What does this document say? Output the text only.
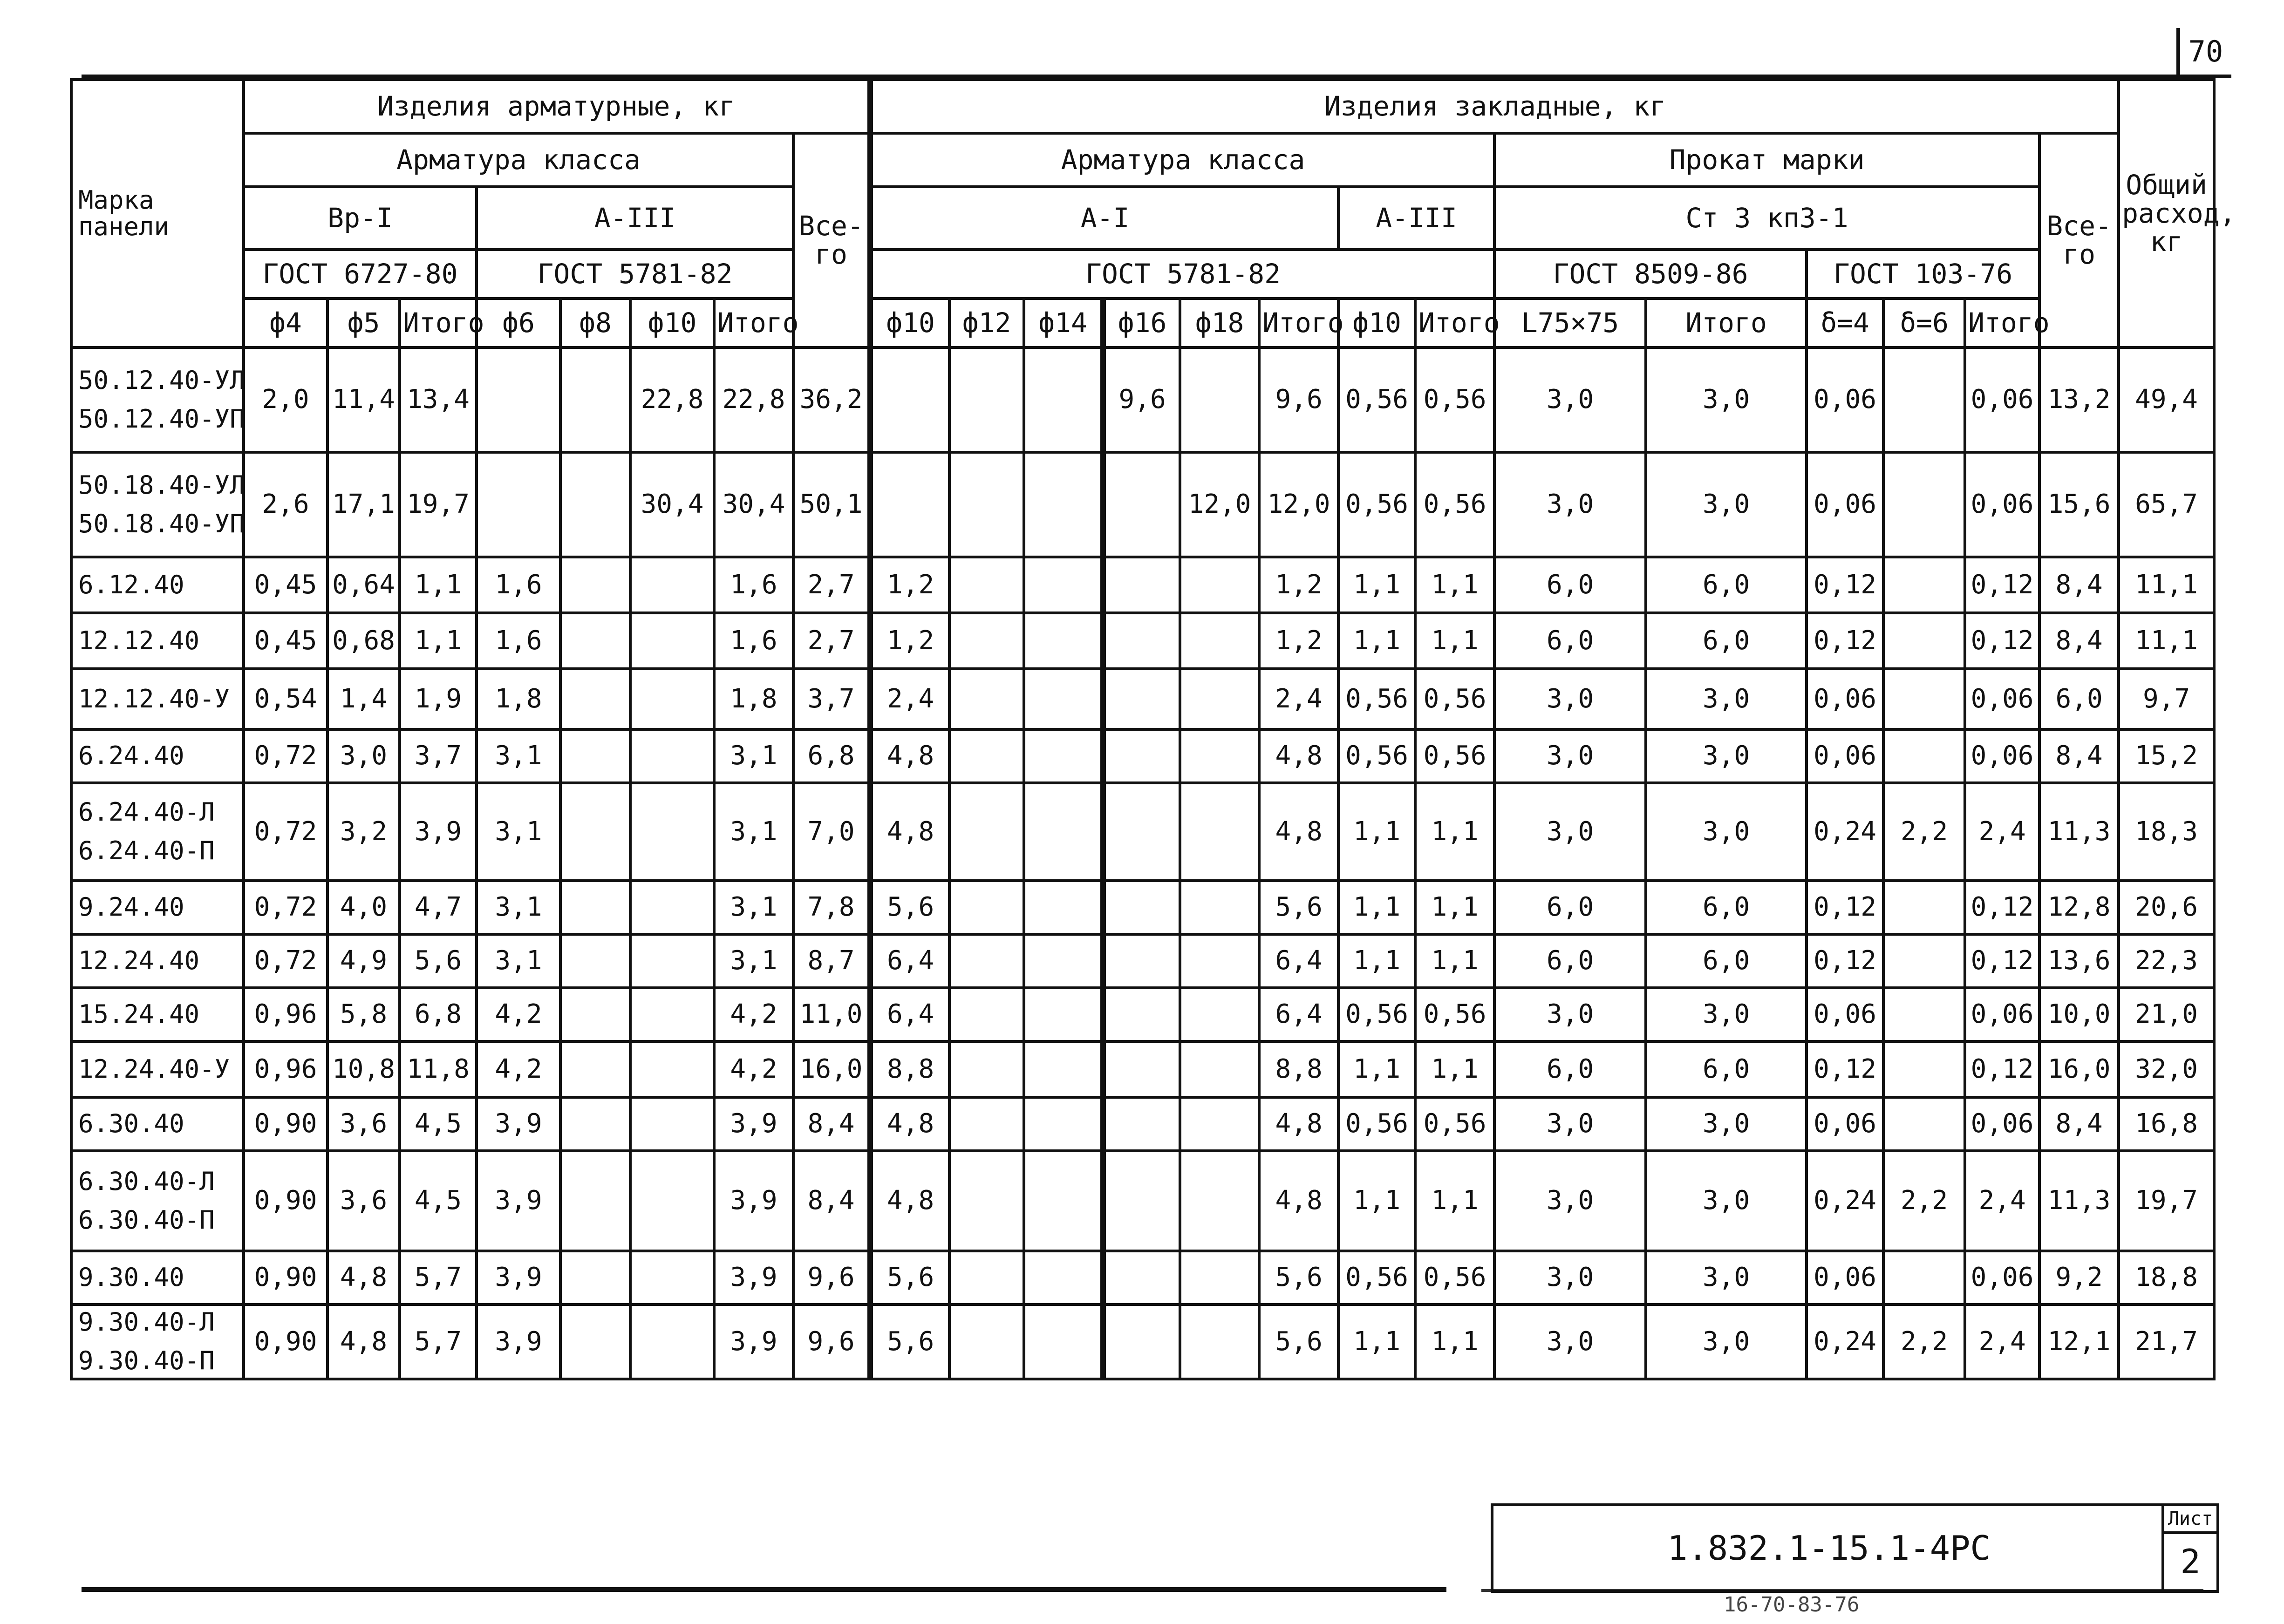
70
Марка панели	Изделия арматурные, кг								Изделия закладные, кг														Общий расход, кг
	Арматура класса							Все-го	Арматура класса								Прокат марки					Все-го	
	Вр-I			А-III					А-I						А-III		Ст 3 кп3-1						
	ГОСТ 6727-80			ГОСТ 5781-82					ГОСТ 5781-82								ГОСТ 8509-86		ГОСТ 103-76				
	ф4	ф5	Итого	ф6	ф8	ф10	Итого		ф10	ф12	ф14	ф16	ф18	Итого	ф10	Итого	L75×75	Итого	δ=4	δ=6	Итого		
50.12.40-УЛ
50.12.40-УП	2,0	11,4	13,4			22,8	22,8	36,2				9,6		9,6	0,56	0,56	3,0	3,0	0,06		0,06	13,2	49,4
50.18.40-УЛ
50.18.40-УП	2,6	17,1	19,7			30,4	30,4	50,1					12,0	12,0	0,56	0,56	3,0	3,0	0,06		0,06	15,6	65,7
6.12.40	0,45	0,64	1,1	1,6			1,6	2,7	1,2					1,2	1,1	1,1	6,0	6,0	0,12		0,12	8,4	11,1
12.12.40	0,45	0,68	1,1	1,6			1,6	2,7	1,2					1,2	1,1	1,1	6,0	6,0	0,12		0,12	8,4	11,1
12.12.40-У	0,54	1,4	1,9	1,8			1,8	3,7	2,4					2,4	0,56	0,56	3,0	3,0	0,06		0,06	6,0	9,7
6.24.40	0,72	3,0	3,7	3,1			3,1	6,8	4,8					4,8	0,56	0,56	3,0	3,0	0,06		0,06	8,4	15,2
6.24.40-Л
6.24.40-П	0,72	3,2	3,9	3,1			3,1	7,0	4,8					4,8	1,1	1,1	3,0	3,0	0,24	2,2	2,4	11,3	18,3
9.24.40	0,72	4,0	4,7	3,1			3,1	7,8	5,6					5,6	1,1	1,1	6,0	6,0	0,12		0,12	12,8	20,6
12.24.40	0,72	4,9	5,6	3,1			3,1	8,7	6,4					6,4	1,1	1,1	6,0	6,0	0,12		0,12	13,6	22,3
15.24.40	0,96	5,8	6,8	4,2			4,2	11,0	6,4					6,4	0,56	0,56	3,0	3,0	0,06		0,06	10,0	21,0
12.24.40-У	0,96	10,8	11,8	4,2			4,2	16,0	8,8					8,8	1,1	1,1	6,0	6,0	0,12		0,12	16,0	32,0
6.30.40	0,90	3,6	4,5	3,9			3,9	8,4	4,8					4,8	0,56	0,56	3,0	3,0	0,06		0,06	8,4	16,8
6.30.40-Л
6.30.40-П	0,90	3,6	4,5	3,9			3,9	8,4	4,8					4,8	1,1	1,1	3,0	3,0	0,24	2,2	2,4	11,3	19,7
9.30.40	0,90	4,8	5,7	3,9			3,9	9,6	5,6					5,6	0,56	0,56	3,0	3,0	0,06		0,06	9,2	18,8
9.30.40-Л
9.30.40-П	0,90	4,8	5,7	3,9			3,9	9,6	5,6					5,6	1,1	1,1	3,0	3,0	0,24	2,2	2,4	12,1	21,7
1.832.1-15.1-4РС
Лист
2
16-70-83-76
